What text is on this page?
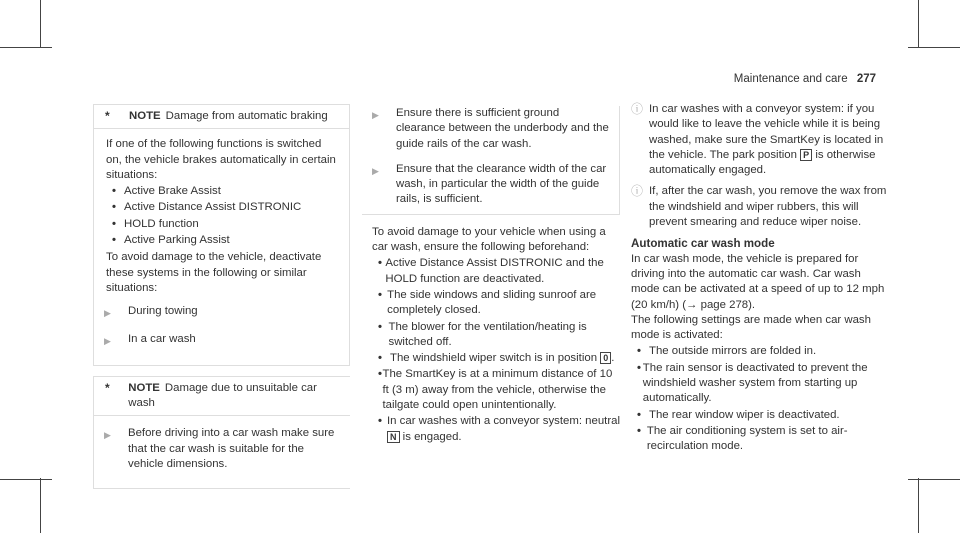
Maintenance and care 277
*	NOTE Damage from automatic braking

If one of the following functions is switched on, the vehicle brakes automatically in certain situations:

• Active Brake Assist
• Active Distance Assist DISTRONIC
• HOLD function
• Active Parking Assist

To avoid damage to the vehicle, deactivate these systems in the following or similar situations:

▶	During towing
▶	In a car wash
*	NOTE Damage due to unsuitable car wash
▶	Before driving into a car wash make sure that the car wash is suitable for the vehicle dimensions.
▶	Ensure there is sufficient ground clearance between the underbody and the guide rails of the car wash.
▶	Ensure that the clearance width of the car wash, in particular the width of the guide rails, is sufficient.

To avoid damage to your vehicle when using a car wash, ensure the following beforehand:

• Active Distance Assist DISTRONIC and the HOLD function are deactivated.
• The side windows and sliding sunroof are completely closed.
• The blower for the ventilation/heating is switched off.
• The windshield wiper switch is in position 0 .
• The SmartKey is at a minimum distance of 10 ft (3 m) away from the vehicle, otherwise the tailgate could open unintentionally.
• In car washes with a conveyor system: neutral N is engaged.
ⓘ In car washes with a conveyor system: if you would like to leave the vehicle while it is being washed, make sure the SmartKey is located in the vehicle. The park position P is otherwise automatically engaged.
ⓘ If, after the car wash, you remove the wax from the windshield and wiper rubbers, this will prevent smearing and reduce wiper noise.
Automatic car wash mode

In car wash mode, the vehicle is prepared for driving into the automatic car wash. Car wash mode can be activated at a speed of up to 12 mph (20 km/h) (→ page 278).

The following settings are made when car wash mode is activated:

• The outside mirrors are folded in.
• The rain sensor is deactivated to prevent the windshield washer system from starting up automatically.
• The rear window wiper is deactivated.
• The air conditioning system is set to air-recirculation mode.
